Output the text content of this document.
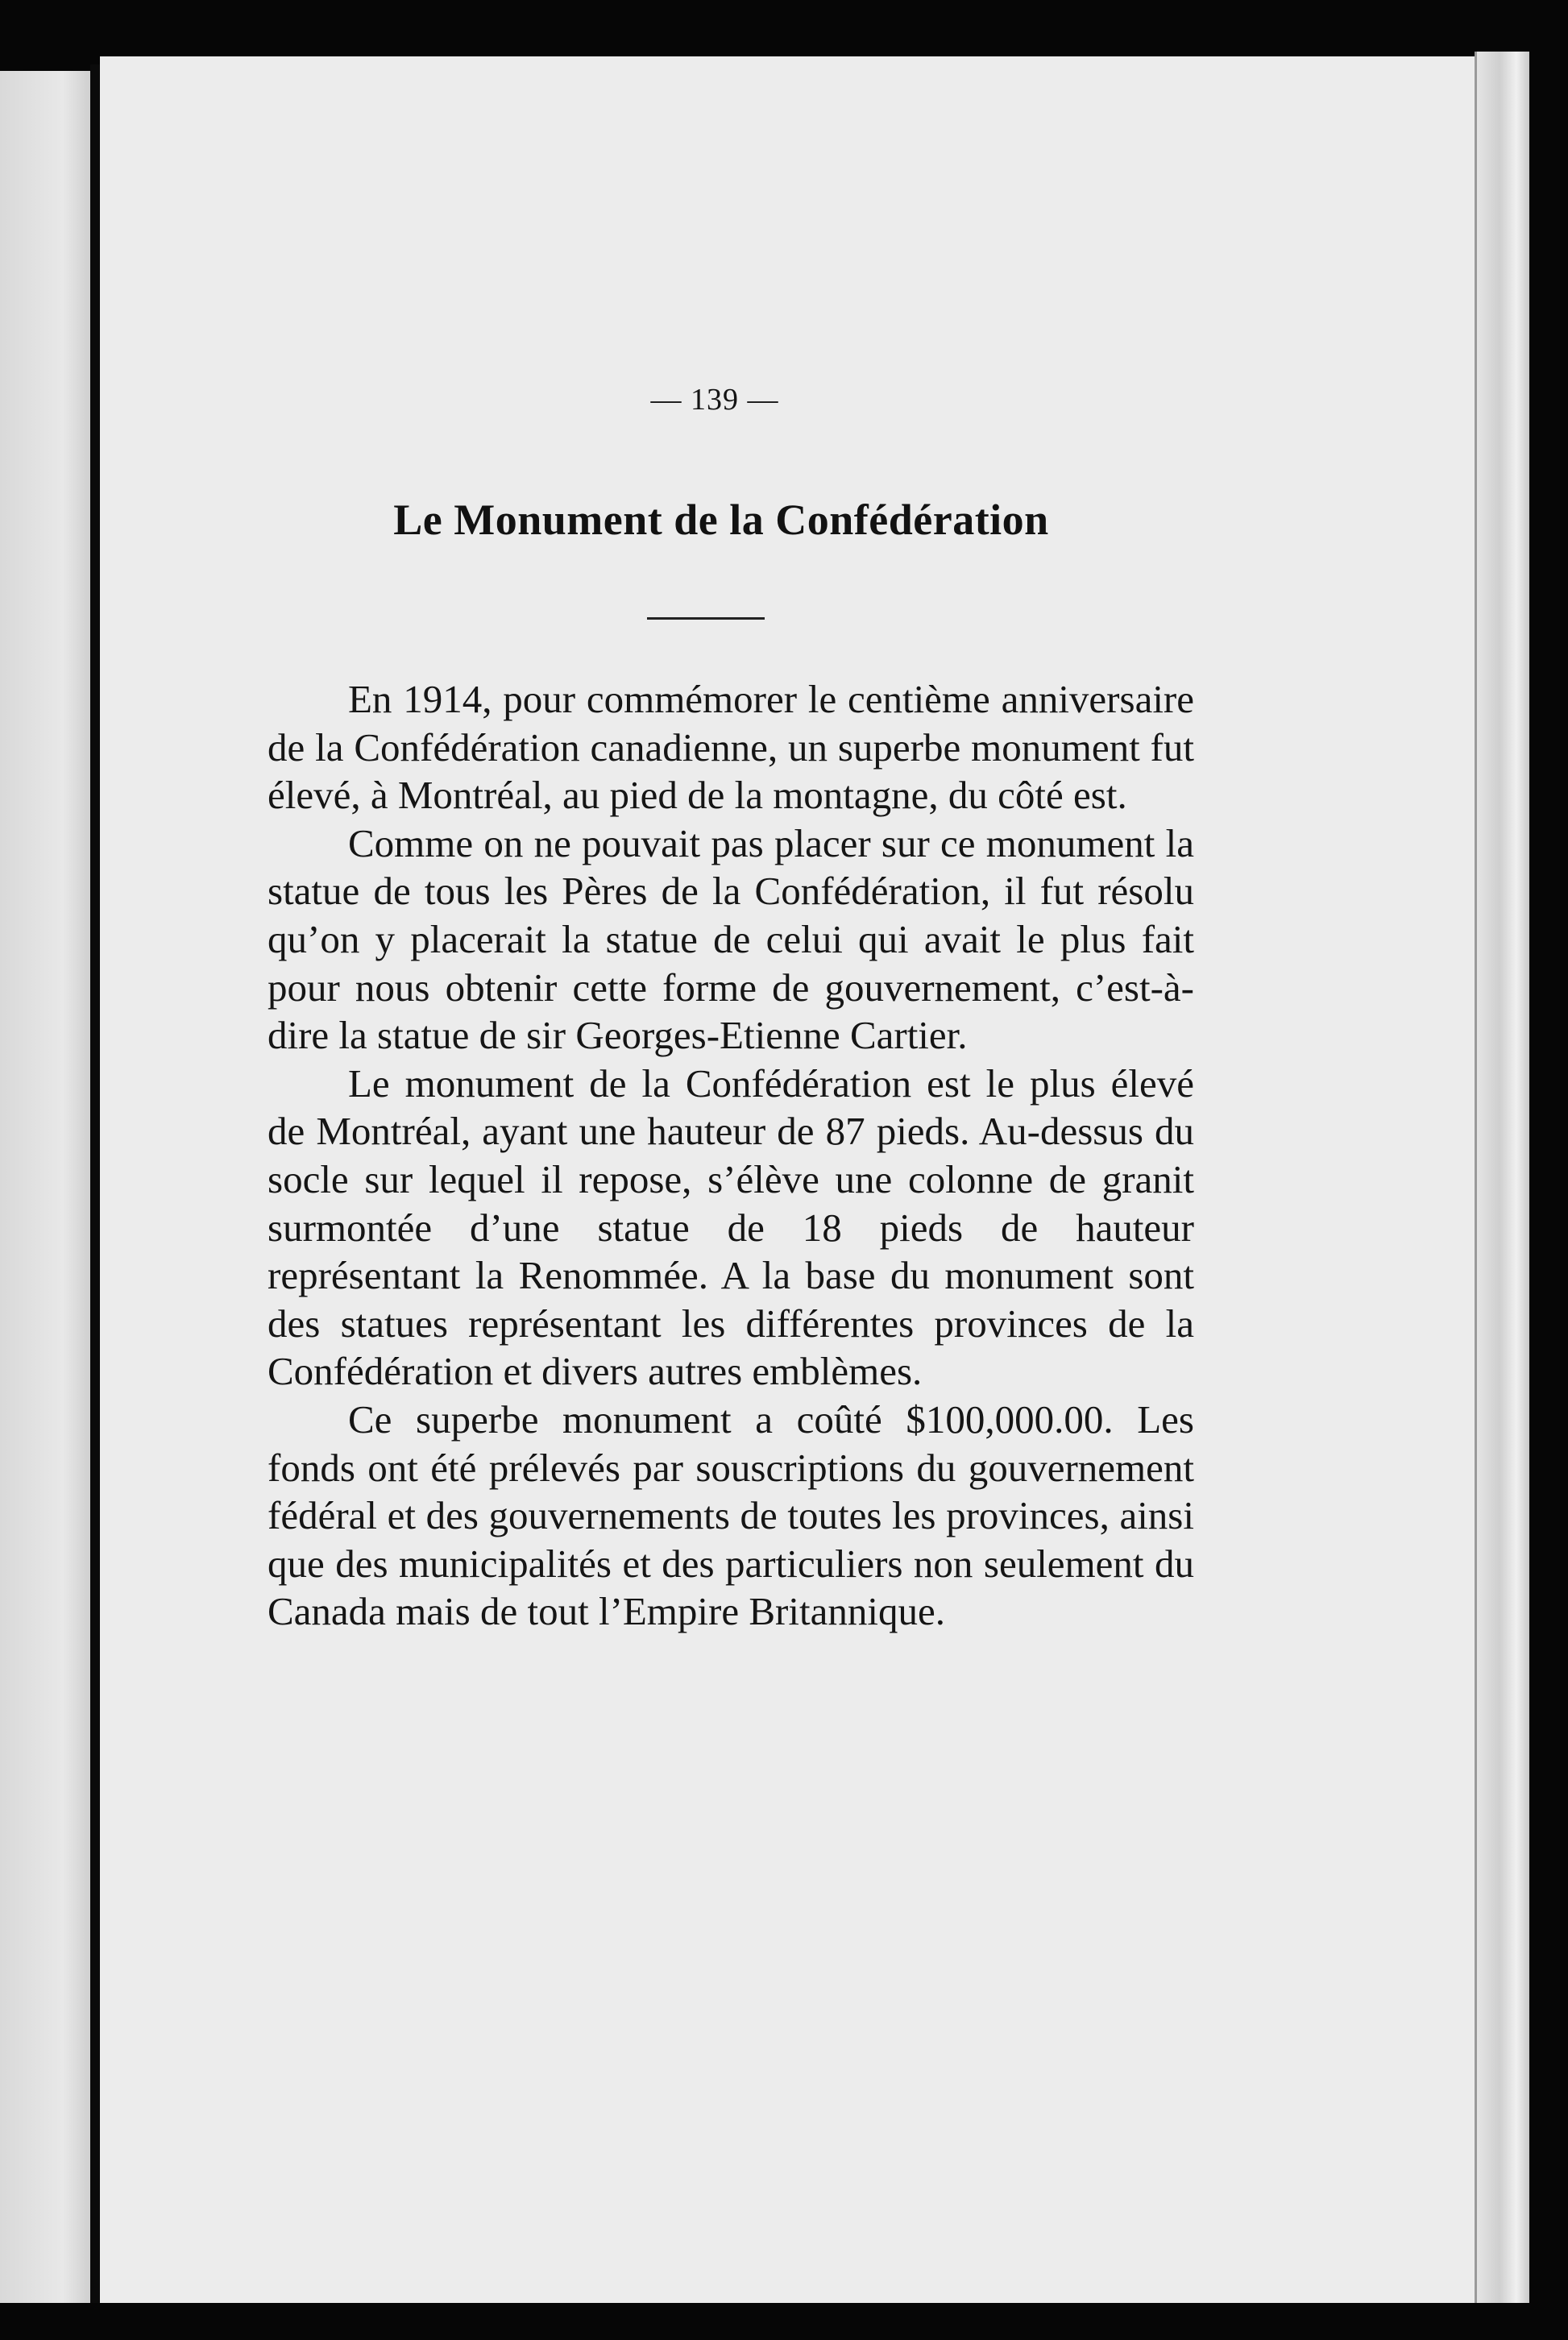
— 139 —
Le Monument de la Confédération

En 1914, pour commémorer le centième anniversaire de la Confédération canadienne, un superbe monument fut élevé, à Montréal, au pied de la montagne, du côté est.

Comme on ne pouvait pas placer sur ce monument la statue de tous les Pères de la Confédération, il fut résolu qu’on y placerait la statue de celui qui avait le plus fait pour nous obtenir cette forme de gouvernement, c’est-à-dire la statue de sir Georges-Etienne Cartier.

Le monument de la Confédération est le plus élevé de Montréal, ayant une hauteur de 87 pieds. Au-dessus du socle sur lequel il repose, s’élève une colonne de granit surmontée d’une statue de 18 pieds de hauteur représentant la Renommée. A la base du monument sont des statues représentant les différentes provinces de la Confédération et divers autres emblèmes.

Ce superbe monument a coûté $100,000.00. Les fonds ont été prélevés par souscriptions du gouvernement fédéral et des gouvernements de toutes les provinces, ainsi que des municipalités et des particuliers non seulement du Canada mais de tout l’Empire Britannique.
